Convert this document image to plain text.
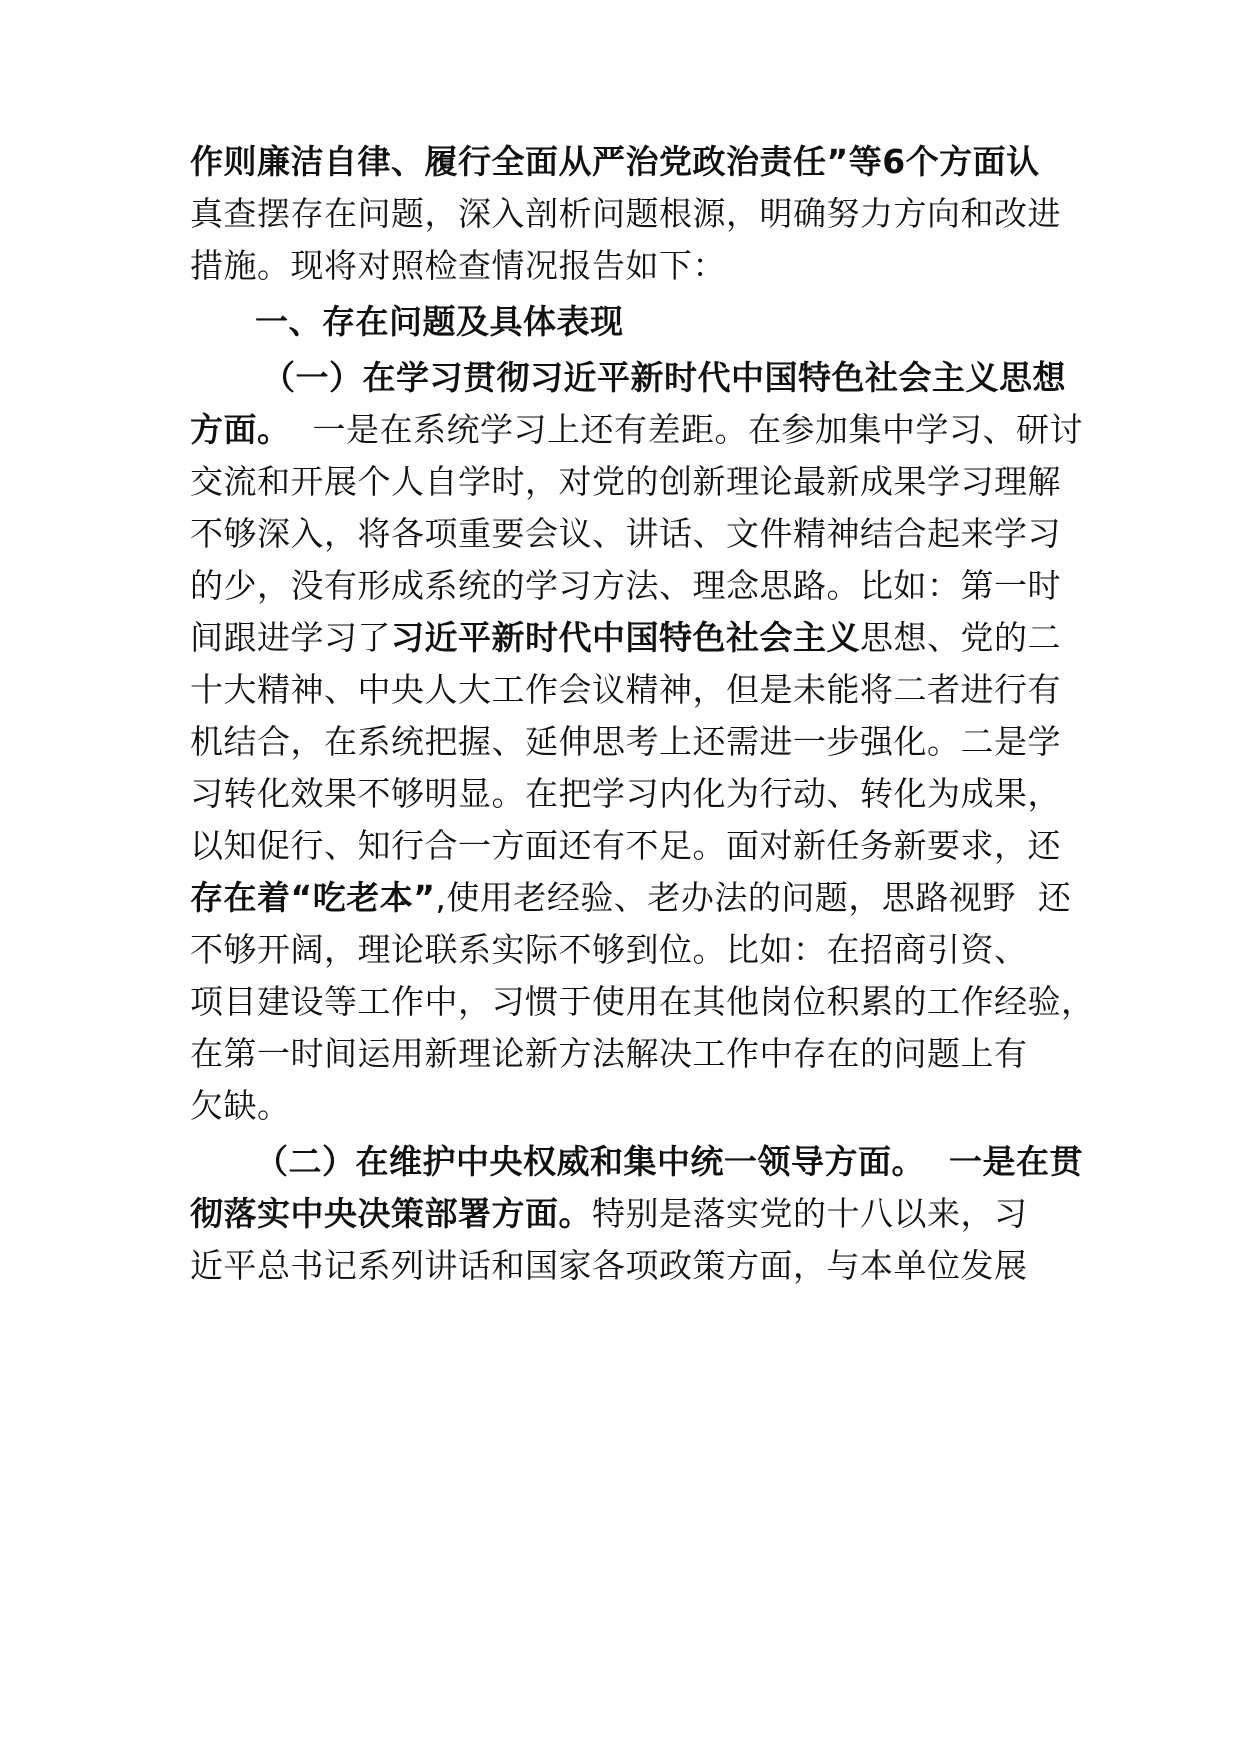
作则廉洁自律、履行全面从严治党政治责任”等6个方面认
真查摆存在问题，深入剖析问题根源，明确努力方向和改进
措施。现将对照检查情况报告如下：
一、存在问题及具体表现
（一）在学习贯彻习近平新时代中国特色社会主义思想
方面。 一是在系统学习上还有差距。在参加集中学习、研讨
交流和开展个人自学时，对党的创新理论最新成果学习理解
不够深入，将各项重要会议、讲话、文件精神结合起来学习
的少，没有形成系统的学习方法、理念思路。比如：第一时
间跟进学习了习近平新时代中国特色社会主义思想、党的二
十大精神、中央人大工作会议精神，但是未能将二者进行有
机结合，在系统把握、延伸思考上还需进一步强化。二是学
习转化效果不够明显。在把学习内化为行动、转化为成果，
以知促行、知行合一方面还有不足。面对新任务新要求，还
存在着“吃老本”,使用老经验、老办法的问题，思路视野  还
不够开阔，理论联系实际不够到位。比如：在招商引资、
项目建设等工作中，习惯于使用在其他岗位积累的工作经验，
在第一时间运用新理论新方法解决工作中存在的问题上有
欠缺。
（二）在维护中央权威和集中统一领导方面。  一是在贯
彻落实中央决策部署方面。特别是落实党的十八以来，习
近平总书记系列讲话和国家各项政策方面，与本单位发展
